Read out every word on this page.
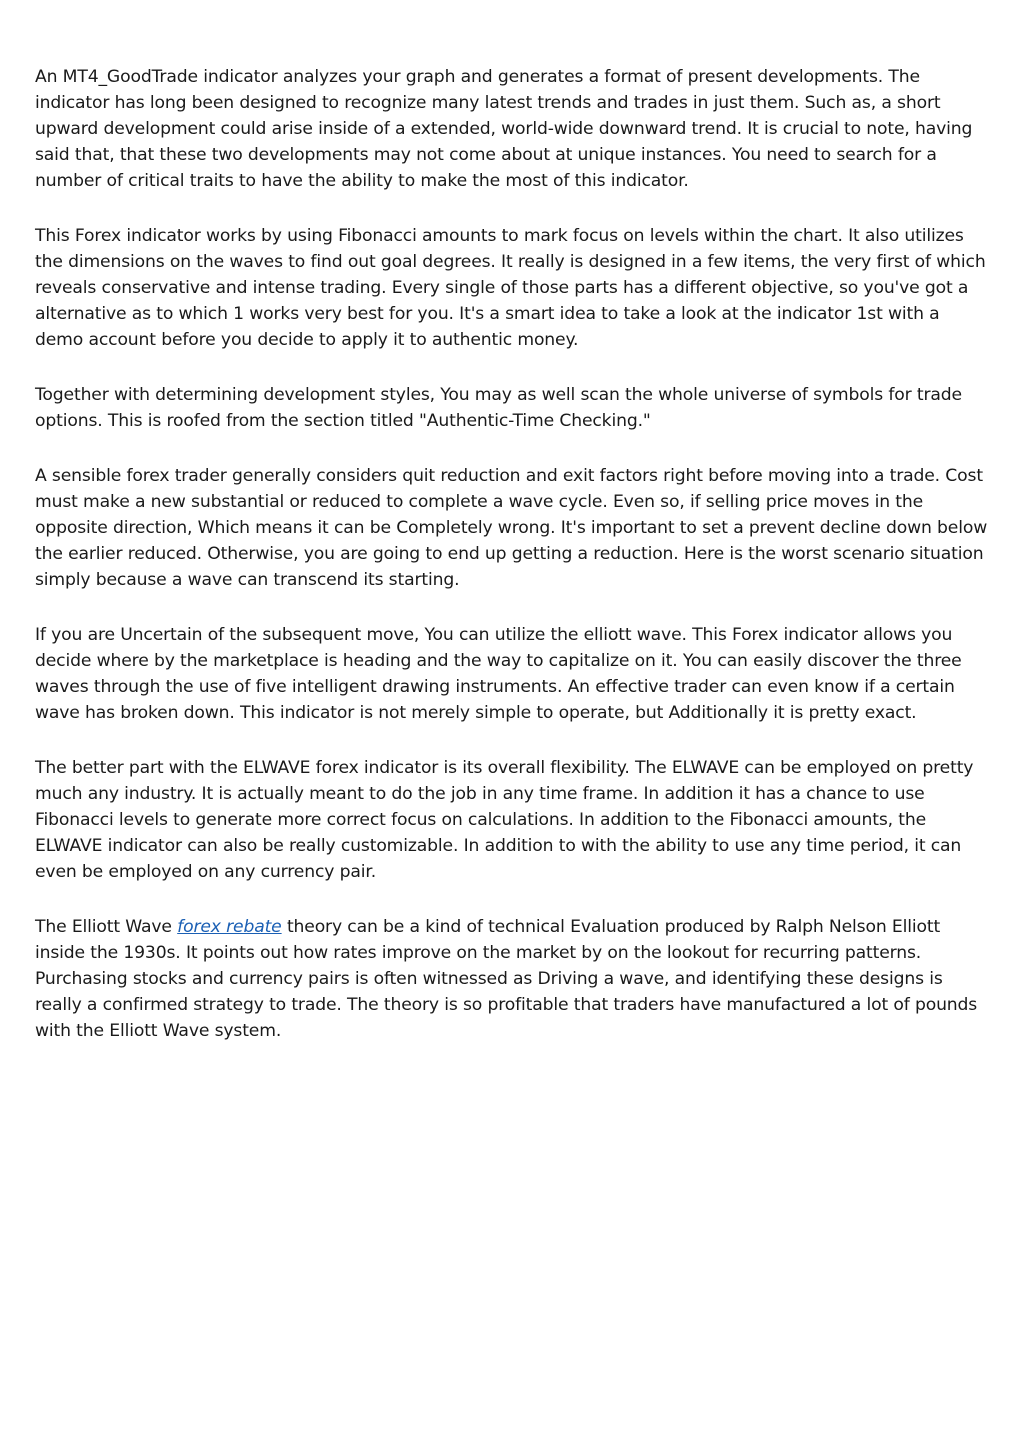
An MT4_GoodTrade indicator analyzes your graph and generates a format of present developments. The indicator has long been designed to recognize many latest trends and trades in just them. Such as, a short upward development could arise inside of a extended, world-wide downward trend. It is crucial to note, having said that, that these two developments may not come about at unique instances. You need to search for a number of critical traits to have the ability to make the most of this indicator.

This Forex indicator works by using Fibonacci amounts to mark focus on levels within the chart. It also utilizes the dimensions on the waves to find out goal degrees. It really is designed in a few items, the very first of which reveals conservative and intense trading. Every single of those parts has a different objective, so you've got a alternative as to which 1 works very best for you. It's a smart idea to take a look at the indicator 1st with a demo account before you decide to apply it to authentic money.

Together with determining development styles, You may as well scan the whole universe of symbols for trade options. This is roofed from the section titled "Authentic-Time Checking."

A sensible forex trader generally considers quit reduction and exit factors right before moving into a trade. Cost must make a new substantial or reduced to complete a wave cycle. Even so, if selling price moves in the opposite direction, Which means it can be Completely wrong. It's important to set a prevent decline down below the earlier reduced. Otherwise, you are going to end up getting a reduction. Here is the worst scenario situation simply because a wave can transcend its starting.

If you are Uncertain of the subsequent move, You can utilize the elliott wave. This Forex indicator allows you decide where by the marketplace is heading and the way to capitalize on it. You can easily discover the three waves through the use of five intelligent drawing instruments. An effective trader can even know if a certain wave has broken down. This indicator is not merely simple to operate, but Additionally it is pretty exact.

The better part with the ELWAVE forex indicator is its overall flexibility. The ELWAVE can be employed on pretty much any industry. It is actually meant to do the job in any time frame. In addition it has a chance to use Fibonacci levels to generate more correct focus on calculations. In addition to the Fibonacci amounts, the ELWAVE indicator can also be really customizable. In addition to with the ability to use any time period, it can even be employed on any currency pair.

The Elliott Wave forex rebate theory can be a kind of technical Evaluation produced by Ralph Nelson Elliott inside the 1930s. It points out how rates improve on the market by on the lookout for recurring patterns. Purchasing stocks and currency pairs is often witnessed as Driving a wave, and identifying these designs is really a confirmed strategy to trade. The theory is so profitable that traders have manufactured a lot of pounds with the Elliott Wave system.
